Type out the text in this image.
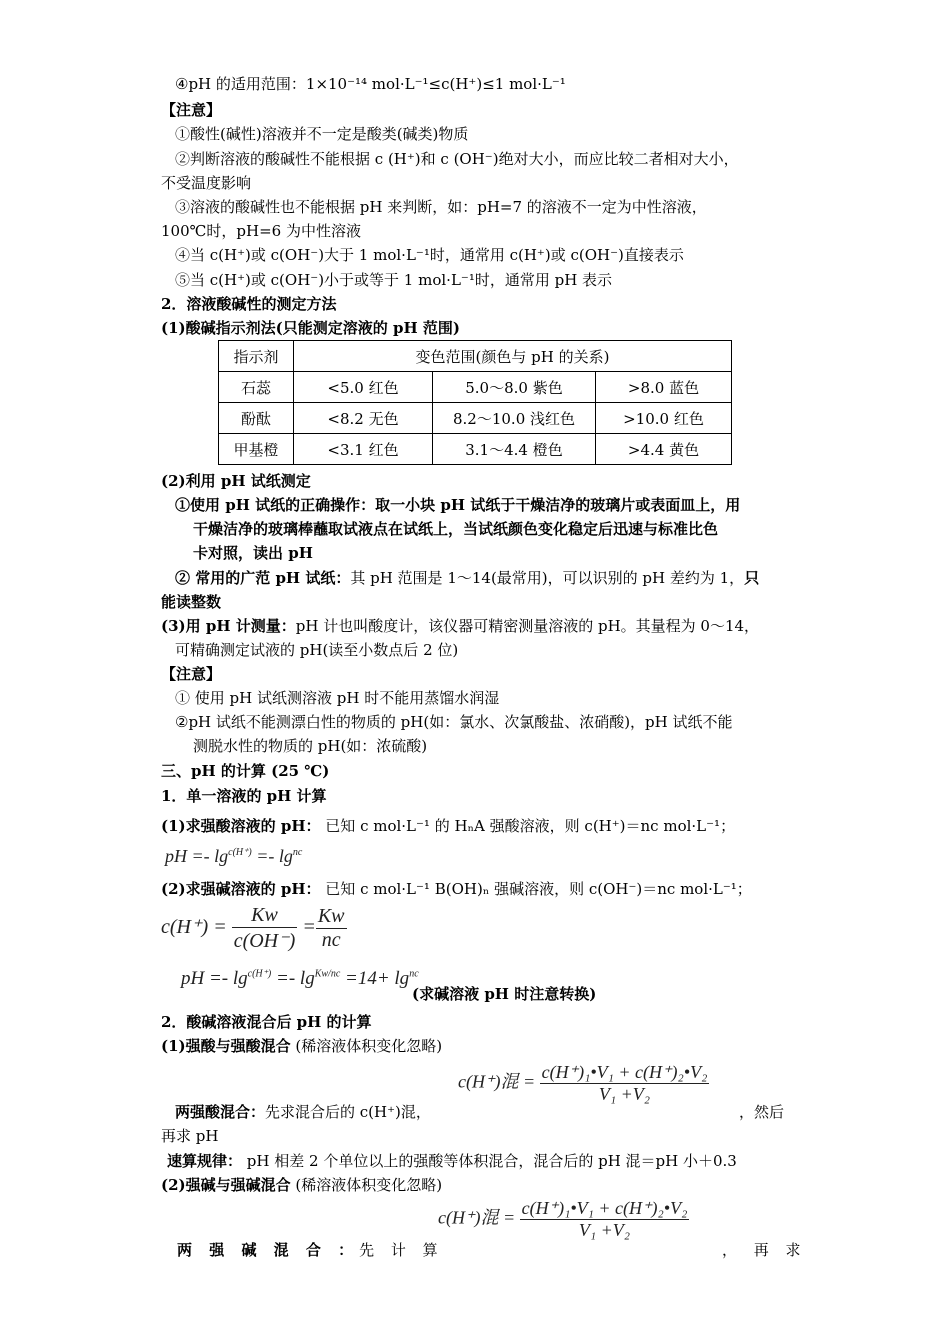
④pH 的适用范围：1×10⁻¹⁴ mol·L⁻¹≤c(H⁺)≤1 mol·L⁻¹
【注意】
①酸性(碱性)溶液并不一定是酸类(碱类)物质
②判断溶液的酸碱性不能根据 c (H⁺)和 c (OH⁻)绝对大小，而应比较二者相对大小，
不受温度影响
③溶液的酸碱性也不能根据 pH 来判断，如：pH=7 的溶液不一定为中性溶液，
100℃时，pH=6 为中性溶液
④当 c(H⁺)或 c(OH⁻)大于 1 mol·L⁻¹时，通常用 c(H⁺)或 c(OH⁻)直接表示
⑤当 c(H⁺)或 c(OH⁻)小于或等于 1 mol·L⁻¹时，通常用 pH 表示
2．溶液酸碱性的测定方法
(1)酸碱指示剂法(只能测定溶液的 pH 范围)
指示剂	变色范围(颜色与 pH 的关系)		
石蕊	<5.0 红色	5.0～8.0 紫色	>8.0 蓝色
酚酞	<8.2 无色	8.2～10.0 浅红色	>10.0 红色
甲基橙	<3.1 红色	3.1～4.4 橙色	>4.4 黄色
(2)利用 pH 试纸测定
①使用 pH 试纸的正确操作：取一小块 pH 试纸于干燥洁净的玻璃片或表面皿上，用
干燥洁净的玻璃棒蘸取试液点在试纸上，当试纸颜色变化稳定后迅速与标准比色
卡对照，读出 pH
② 常用的广范 pH 试纸：其 pH 范围是 1～14(最常用)，可以识别的 pH 差约为 1，只
能读整数
(3)用 pH 计测量：pH 计也叫酸度计，该仪器可精密测量溶液的 pH。其量程为 0～14，
可精确测定试液的 pH(读至小数点后 2 位)
【注意】
① 使用 pH 试纸测溶液 pH 时不能用蒸馏水润湿
②pH 试纸不能测漂白性的物质的 pH(如：氯水、次氯酸盐、浓硝酸)，pH 试纸不能
测脱水性的物质的 pH(如：浓硫酸)
三、pH 的计算 (25 ℃)
1．单一溶液的 pH 计算
(1)求强酸溶液的 pH： 已知 c mol·L⁻¹ 的 HₙA 强酸溶液，则 c(H⁺)＝nc mol·L⁻¹；
pH =- $\lg^{c(H^+)} =- \lg^{nc}$
(2)求强碱溶液的 pH： 已知 c mol·L⁻¹ B(OH)ₙ 强碱溶液，则 c(OH⁻)＝nc mol·L⁻¹；
$c(H^+) = \frac{Kw}{c(OH^-)} = \frac{Kw}{nc}$
pH =- $\lg^{c(H^+)} =- \lg^{Kw/nc} =14+ \lg^{nc}$
(求碱溶液 pH 时注意转换)
2．酸碱溶液混合后 pH 的计算
(1)强酸与强酸混合 (稀溶液体积变化忽略)
c(H⁺)混 = $\frac{\text{c(H⁺)₁•V₁ + c(H⁺)₂•V₂}}{\text{V₁ +V₂}}$
两强酸混合：先求混合后的 c(H⁺)混，	，然后
再求 pH
速算规律： pH 相差 2 个单位以上的强酸等体积混合，混合后的 pH 混＝pH 小＋0.3
(2)强碱与强碱混合 (稀溶液体积变化忽略)
c(H⁺)混 = $\frac{\text{c(H⁺)₁•V₁ + c(H⁺)₂•V₂}}{\text{V₁ +V₂}}$
两 强 碱 混 合 ：先 计 算	， 再 求
